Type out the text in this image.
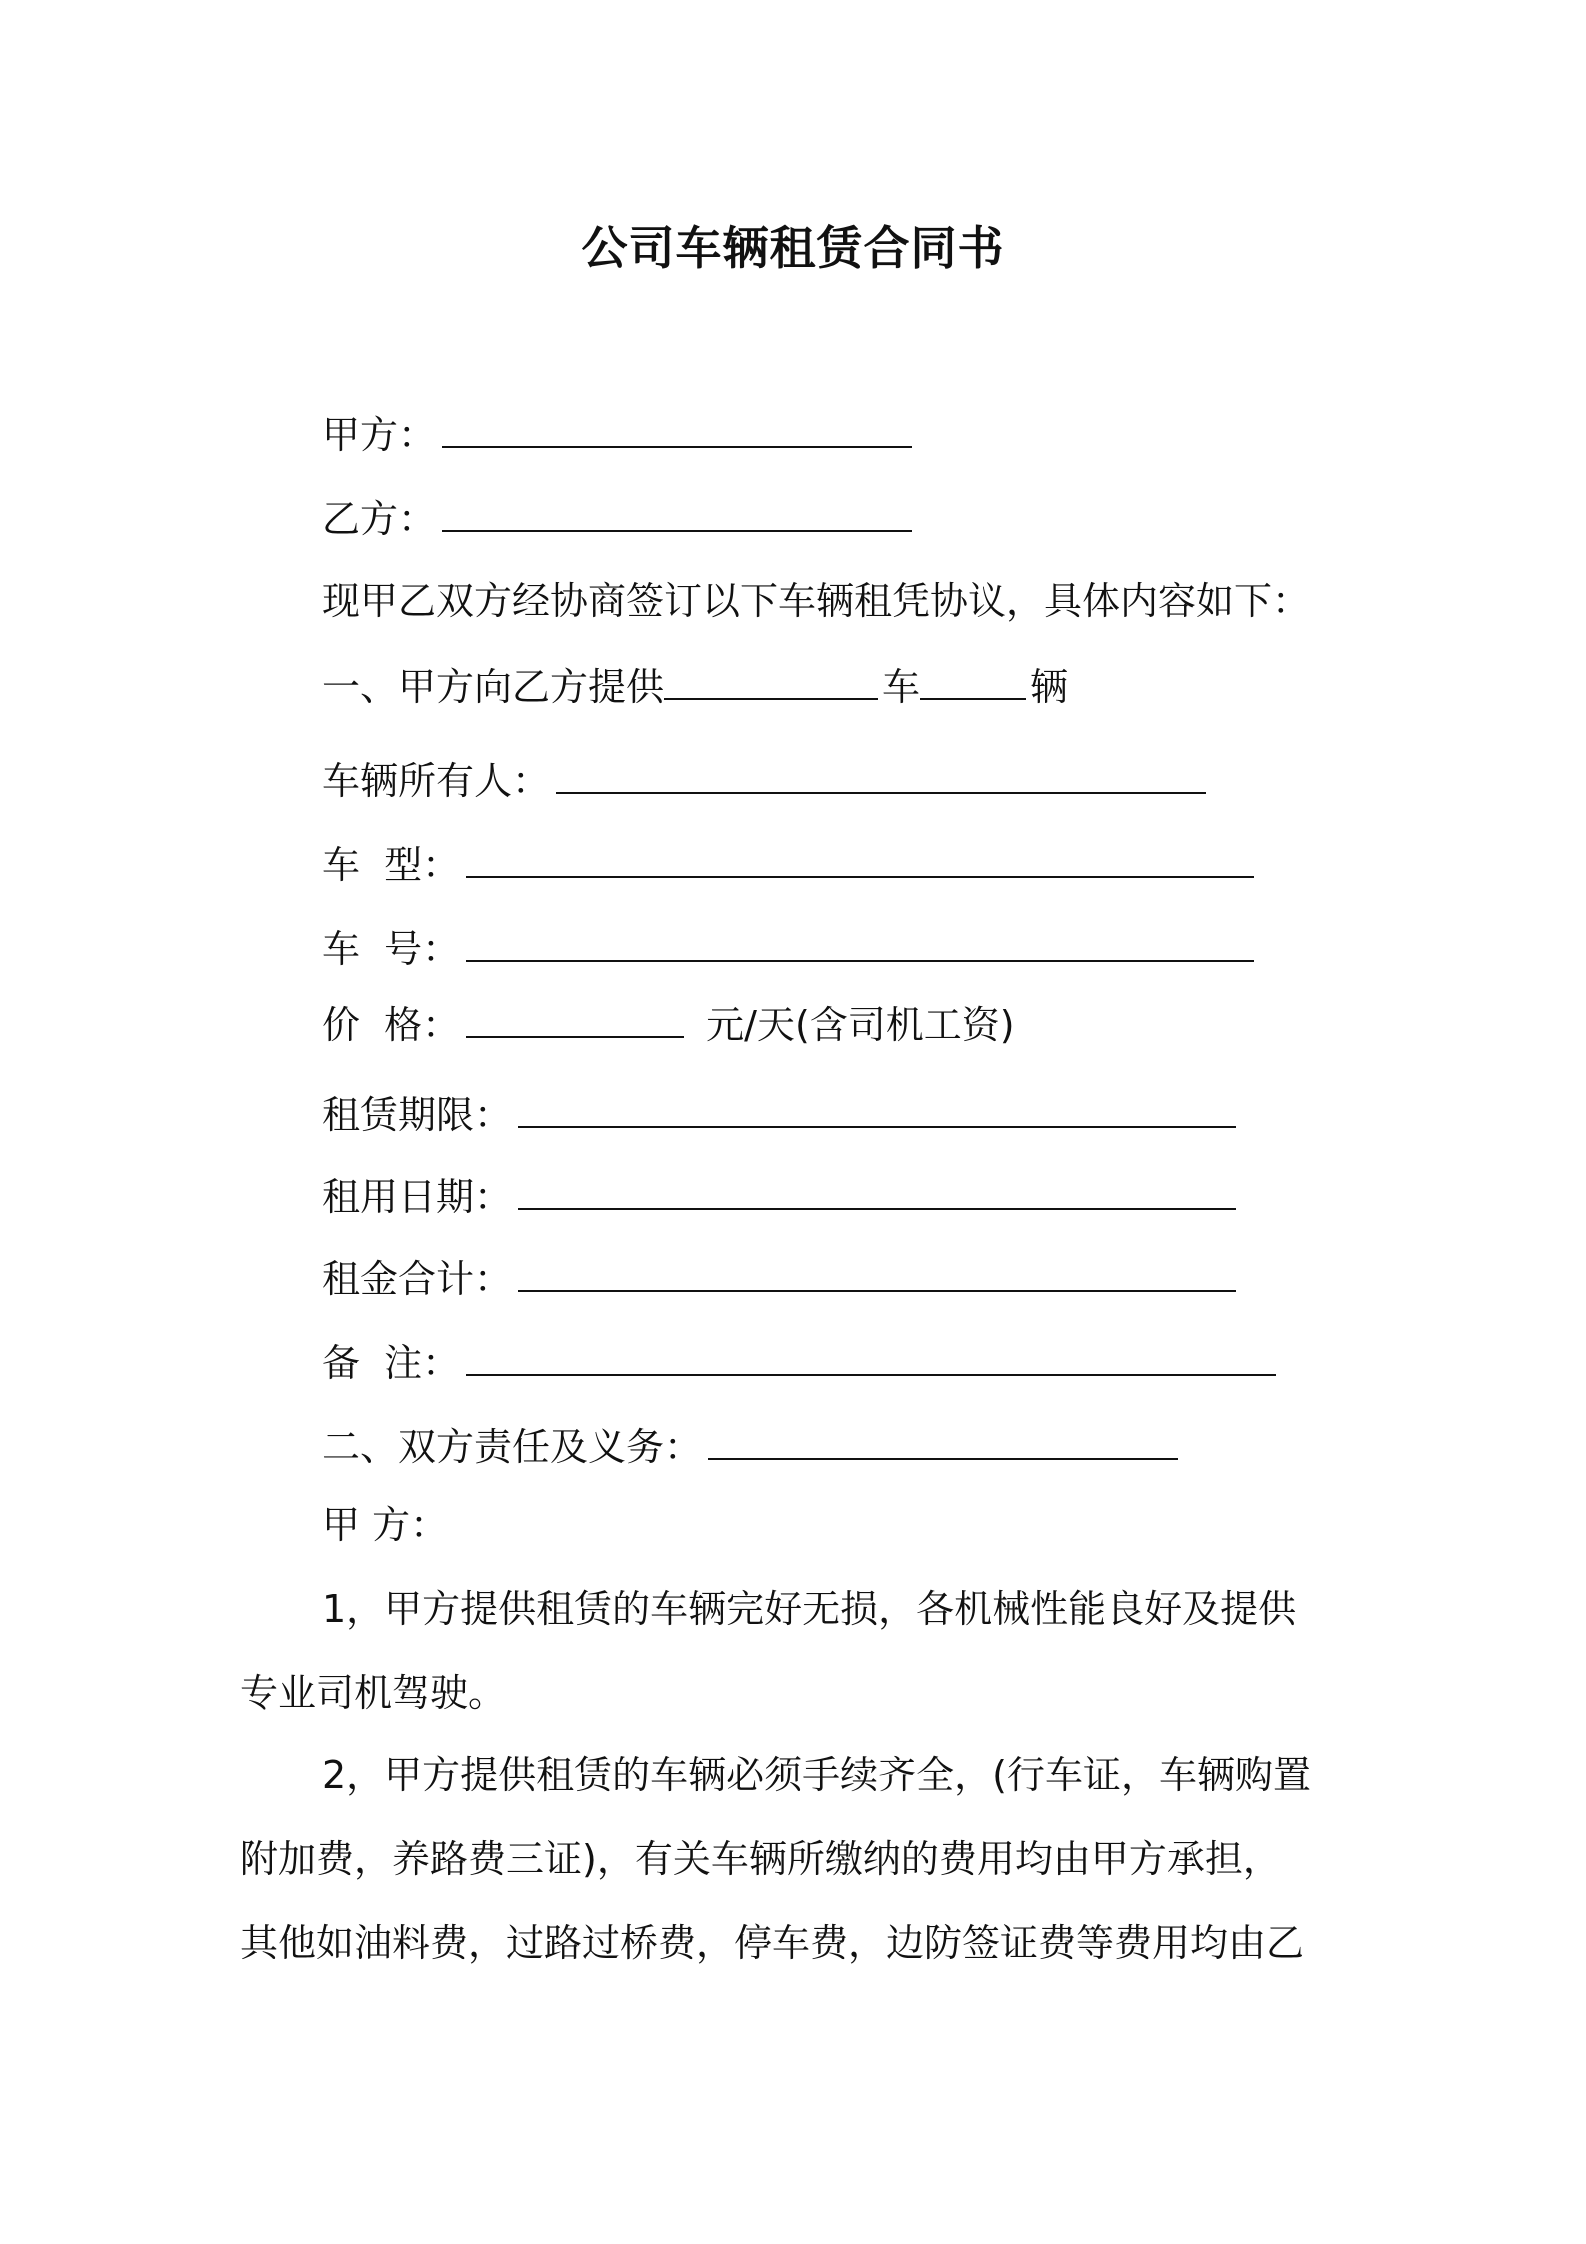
公司车辆租赁合同书
甲方：
乙方：
现甲乙双方经协商签订以下车辆租凭协议，具体内容如下：
一、甲方向乙方提供	车	辆
车辆所有人：
车  型：
车  号：
价  格：	元/天(含司机工资)
租赁期限：
租用日期：
租金合计：
备  注：
二、双方责任及义务：
甲 方：
1，甲方提供租赁的车辆完好无损，各机械性能良好及提供
专业司机驾驶。
2，甲方提供租赁的车辆必须手续齐全，(行车证，车辆购置
附加费，养路费三证)，有关车辆所缴纳的费用均由甲方承担，
其他如油料费，过路过桥费，停车费，边防签证费等费用均由乙
